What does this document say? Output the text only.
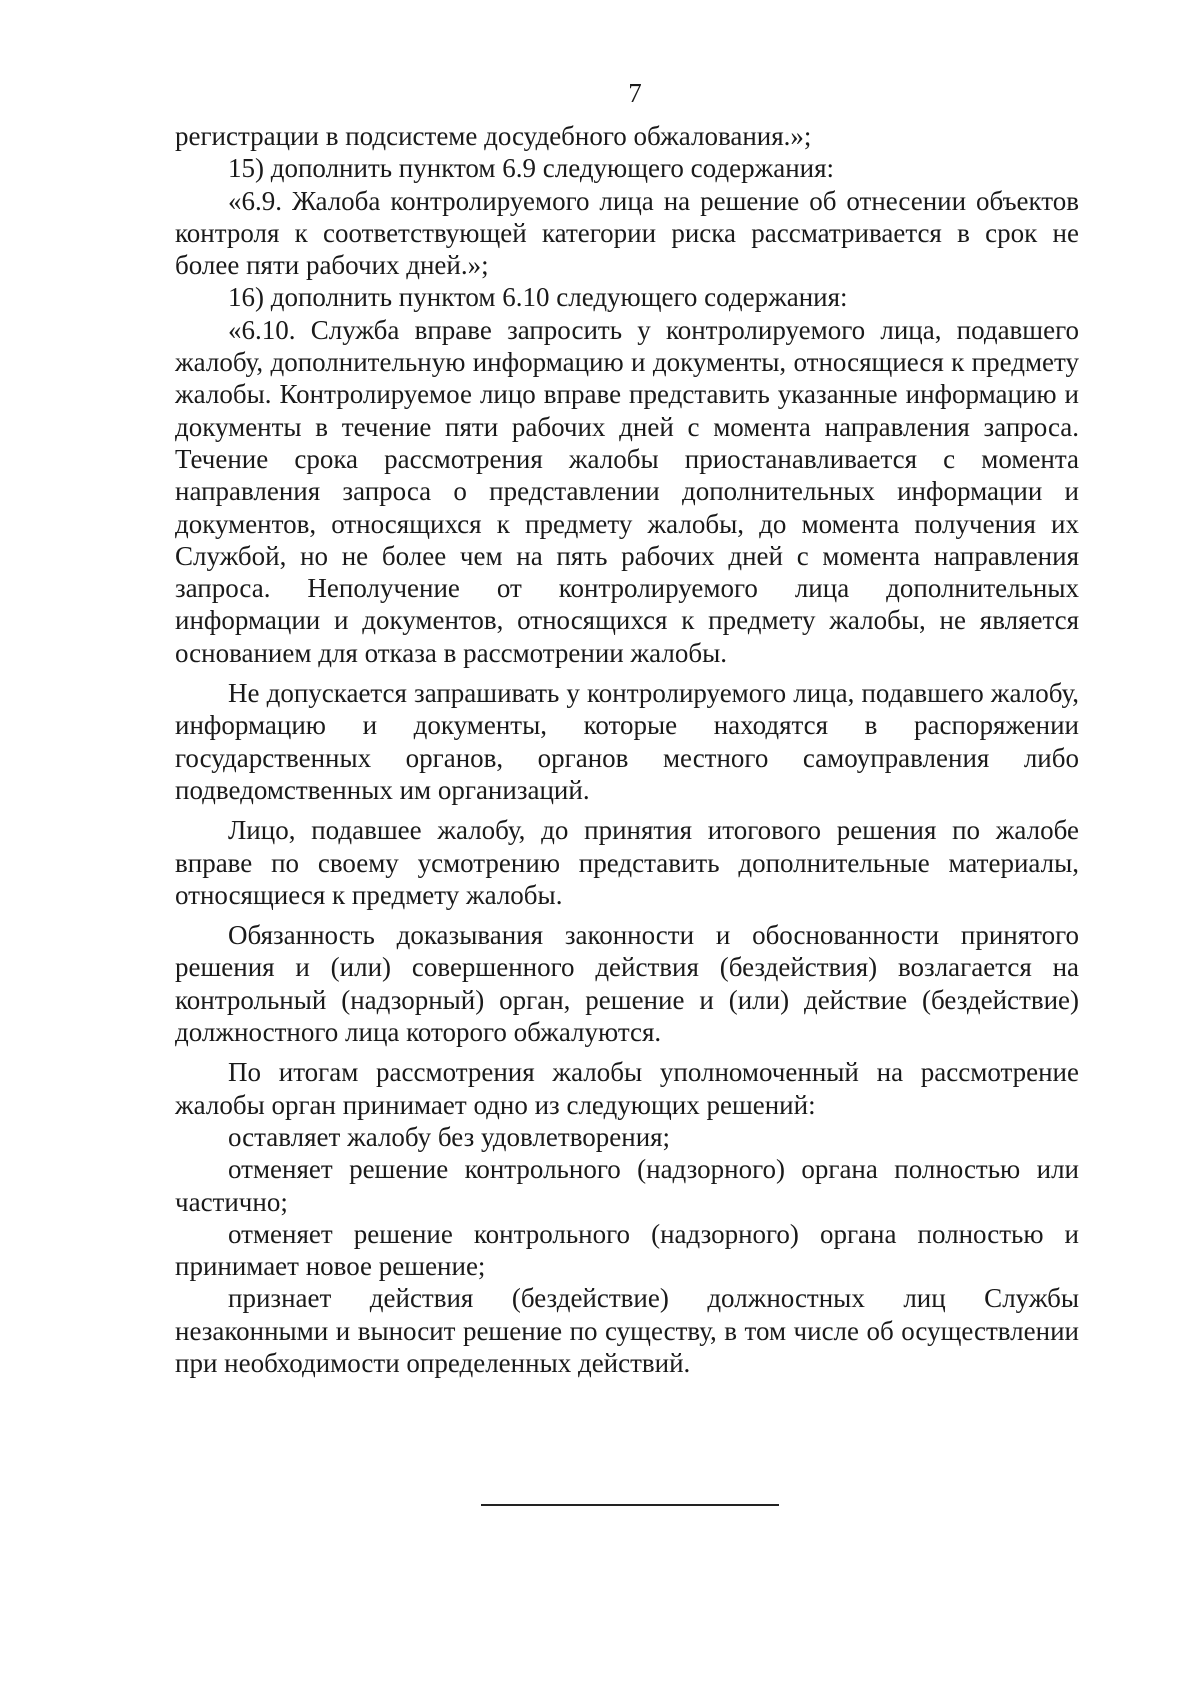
7

регистрации в подсистеме досудебного обжалования.»;

15) дополнить пунктом 6.9 следующего содержания:

«6.9. Жалоба контролируемого лица на решение об отнесении объектов контроля к соответствующей категории риска рассматривается в срок не более пяти рабочих дней.»;

16) дополнить пунктом 6.10 следующего содержания:

«6.10. Служба вправе запросить у контролируемого лица, подавшего жалобу, дополнительную информацию и документы, относящиеся к предмету жалобы. Контролируемое лицо вправе представить указанные информацию и документы в течение пяти рабочих дней с момента направления запроса. Течение срока рассмотрения жалобы приостанавливается с момента направления запроса о представлении дополнительных информации и документов, относящихся к предмету жалобы, до момента получения их Службой, но не более чем на пять рабочих дней с момента направления запроса. Неполучение от контролируемого лица дополнительных информации и документов, относящихся к предмету жалобы, не является основанием для отказа в рассмотрении жалобы.

Не допускается запрашивать у контролируемого лица, подавшего жалобу, информацию и документы, которые находятся в распоряжении государственных органов, органов местного самоуправления либо подведомственных им организаций.

Лицо, подавшее жалобу, до принятия итогового решения по жалобе вправе по своему усмотрению представить дополнительные материалы, относящиеся к предмету жалобы.

Обязанность доказывания законности и обоснованности принятого решения и (или) совершенного действия (бездействия) возлагается на контрольный (надзорный) орган, решение и (или) действие (бездействие) должностного лица которого обжалуются.

По итогам рассмотрения жалобы уполномоченный на рассмотрение жалобы орган принимает одно из следующих решений:

оставляет жалобу без удовлетворения;

отменяет решение контрольного (надзорного) органа полностью или частично;

отменяет решение контрольного (надзорного) органа полностью и принимает новое решение;

признает действия (бездействие) должностных лиц Службы незаконными и выносит решение по существу, в том числе об осуществлении при необходимости определенных действий.
